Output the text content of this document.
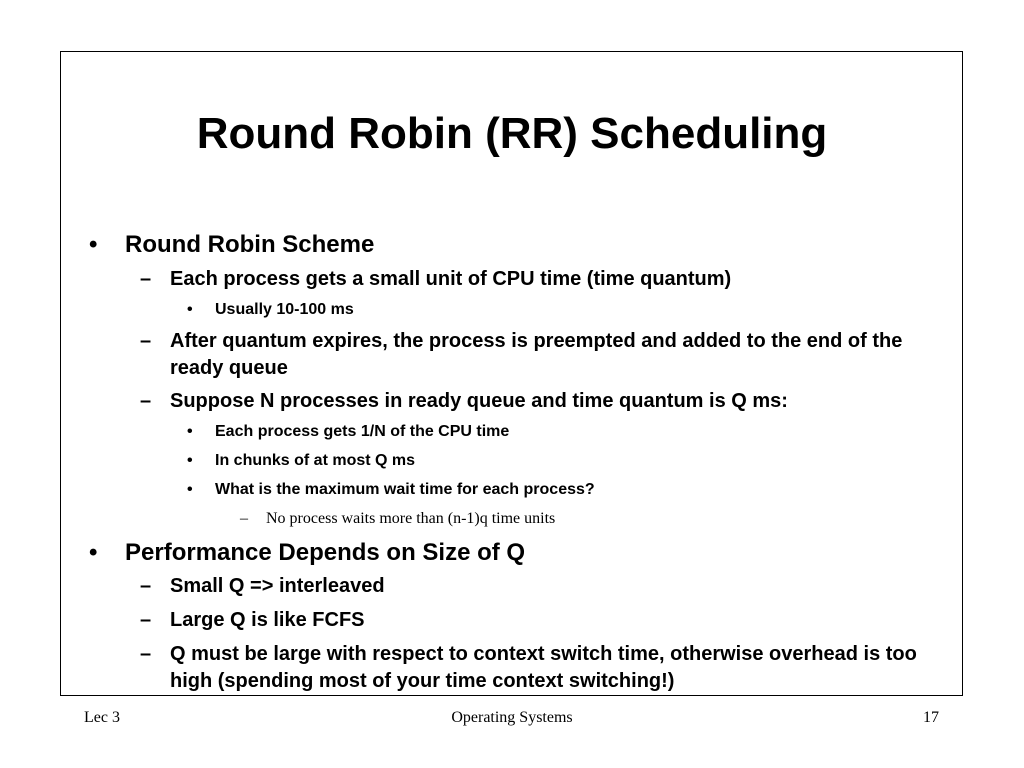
Round Robin (RR) Scheduling
• Round Robin Scheme
– Each process gets a small unit of CPU time (time quantum)
• Usually 10-100 ms
– After quantum expires, the process is preempted and added to the end of the ready queue
– Suppose N processes in ready queue and time quantum is Q ms:
• Each process gets 1/N of the CPU time
• In chunks of at most Q ms
• What is the maximum wait time for each process?
– No process waits more than (n-1)q time units
• Performance Depends on Size of Q
– Small Q => interleaved
– Large Q is like FCFS
– Q must be large with respect to context switch time, otherwise overhead is too high (spending most of your time context switching!)
Lec 3	Operating Systems	17
